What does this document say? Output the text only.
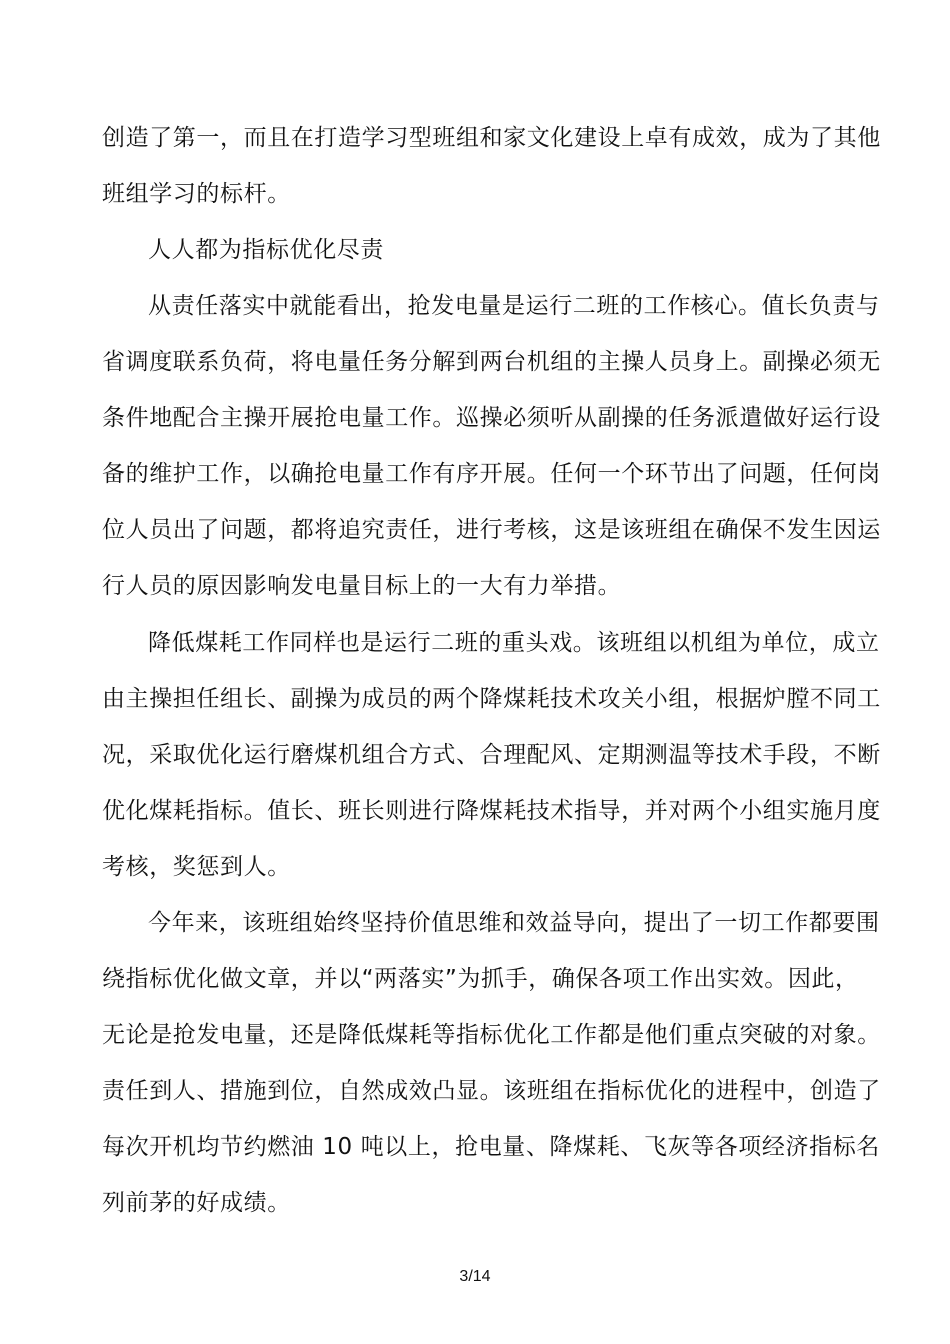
创造了第一，而且在打造学习型班组和家文化建设上卓有成效，成为了其他
班组学习的标杆。
人人都为指标优化尽责
从责任落实中就能看出，抢发电量是运行二班的工作核心。值长负责与
省调度联系负荷，将电量任务分解到两台机组的主操人员身上。副操必须无
条件地配合主操开展抢电量工作。巡操必须听从副操的任务派遣做好运行设
备的维护工作，以确抢电量工作有序开展。任何一个环节出了问题，任何岗
位人员出了问题，都将追究责任，进行考核，这是该班组在确保不发生因运
行人员的原因影响发电量目标上的一大有力举措。
降低煤耗工作同样也是运行二班的重头戏。该班组以机组为单位，成立
由主操担任组长、副操为成员的两个降煤耗技术攻关小组，根据炉膛不同工
况，采取优化运行磨煤机组合方式、合理配风、定期测温等技术手段，不断
优化煤耗指标。值长、班长则进行降煤耗技术指导，并对两个小组实施月度
考核，奖惩到人。
今年来，该班组始终坚持价值思维和效益导向，提出了一切工作都要围
绕指标优化做文章，并以“两落实”为抓手，确保各项工作出实效。因此，
无论是抢发电量，还是降低煤耗等指标优化工作都是他们重点突破的对象。
责任到人、措施到位，自然成效凸显。该班组在指标优化的进程中，创造了
每次开机均节约燃油 10 吨以上，抢电量、降煤耗、飞灰等各项经济指标名
列前茅的好成绩。
3/14
